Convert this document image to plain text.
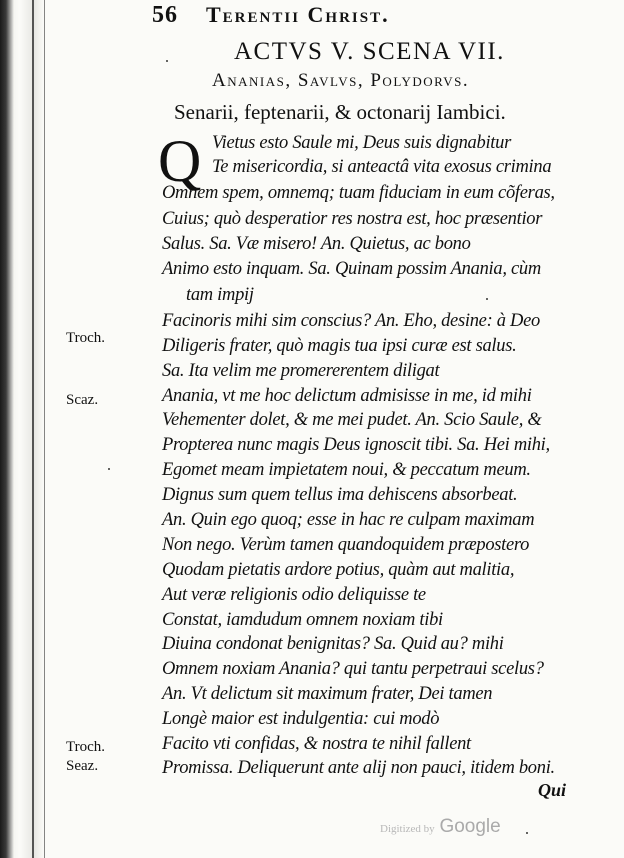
56 Terentii Christ.
ACTVS V. SCENA VII.
Ananias, Savlvs, Polydorvs.
Senarii, feptenarii, & octonarij Iambici.
Q Vietus esto Saule mi, Deus suis dignabitur
Te misericordia, si anteactâ vita exosus crimina
Omnem spem, omnemq; tuam fiduciam in eum cõferas,
Cuius; quò desperatior res nostra est, hoc præsentior
Salus. Sa. Væ misero! An. Quietus, ac bono
Animo esto inquam. Sa. Quinam possim Anania, cùm
tam impij
Facinoris mihi sim conscius? An. Eho, desine: à Deo
Diligeris frater, quò magis tua ipsi curæ est salus.
Sa. Ita velim me promererentem diligat
Anania, vt me hoc delictum admisisse in me, id mihi
Vehementer dolet, & me mei pudet. An. Scio Saule, &
Propterea nunc magis Deus ignoscit tibi. Sa. Hei mihi,
Egomet meam impietatem noui, & peccatum meum.
Dignus sum quem tellus ima dehiscens absorbeat.
An. Quin ego quoq; esse in hac re culpam maximam
Non nego. Verùm tamen quandoquidem præpostero
Quodam pietatis ardore potius, quàm aut malitia,
Aut veræ religionis odio deliquisse te
Constat, iamdudum omnem noxiam tibi
Diuina condonat benignitas? Sa. Quid au? mihi
Omnem noxiam Anania? qui tantu perpetraui scelus?
An. Vt delictum sit maximum frater, Dei tamen
Longè maior est indulgentia: cui modò
Facito vti confidas, & nostra te nihil fallent
Promissa. Deliquerunt ante alij non pauci, itidem boni.
Troch.
Scaz.
Troch.
Seaz.
Qui
Digitized by Google
